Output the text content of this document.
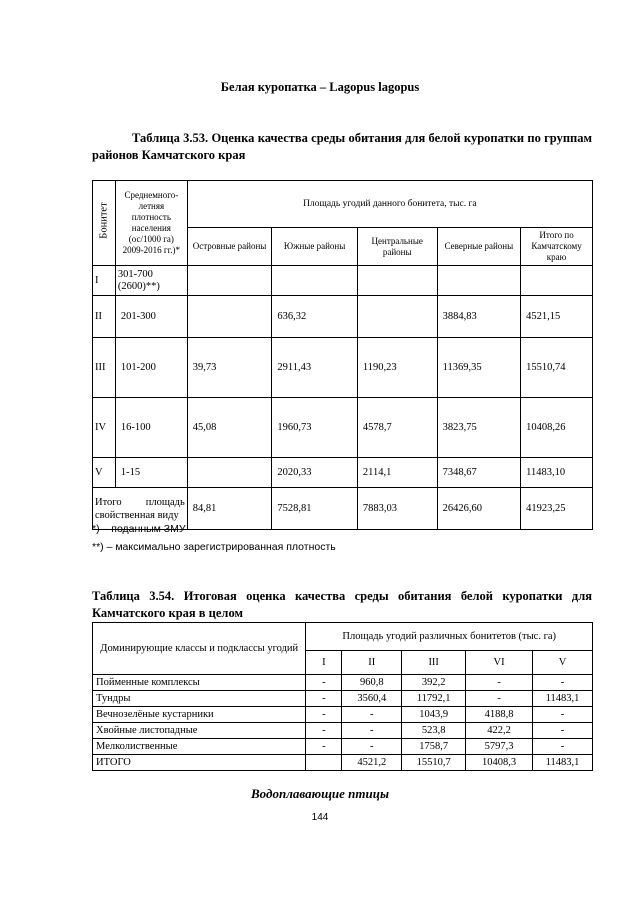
Белая куропатка – Lagopus lagopus
Таблица 3.53. Оценка качества среды обитания для белой куропатки по группам районов Камчатского края
Бонитет	Среднемного-летняя плотность населения (ос/1000 га) 2009-2016 гг.)*	Площадь угодий данного бонитета, тыс. га				
		Островные районы	Южные районы	Центральные районы	Северные районы	Итого по Камчатскому краю
I	301-700 (2600)**)					
II	201-300		636,32		3884,83	4521,15
III	101-200	39,73	2911,43	1190,23	11369,35	15510,74
IV	16-100	45,08	1960,73	4578,7	3823,75	10408,26
V	1-15		2020,33	2114,1	7348,67	11483,10
Итого площадь свойственная виду		84,81	7528,81	7883,03	26426,60	41923,25
*) – поданным ЗМУ
**) – максимально зарегистрированная плотность
Таблица 3.54. Итоговая оценка качества среды обитания белой куропатки для Камчатского края в целом
Доминирующие классы и подклассы угодий	Площадь угодий различных бонитетов (тыс. га)				
	I	II	III	VI	V
Пойменные комплексы	-	960,8	392,2	-	-
Тундры	-	3560,4	11792,1	-	11483,1
Вечнозелёные кустарники	-	-	1043,9	4188,8	-
Хвойные листопадные	-	-	523,8	422,2	-
Мелколиственные	-	-	1758,7	5797,3	-
ИТОГО		4521,2	15510,7	10408,3	11483,1
Водоплавающие птицы
144
